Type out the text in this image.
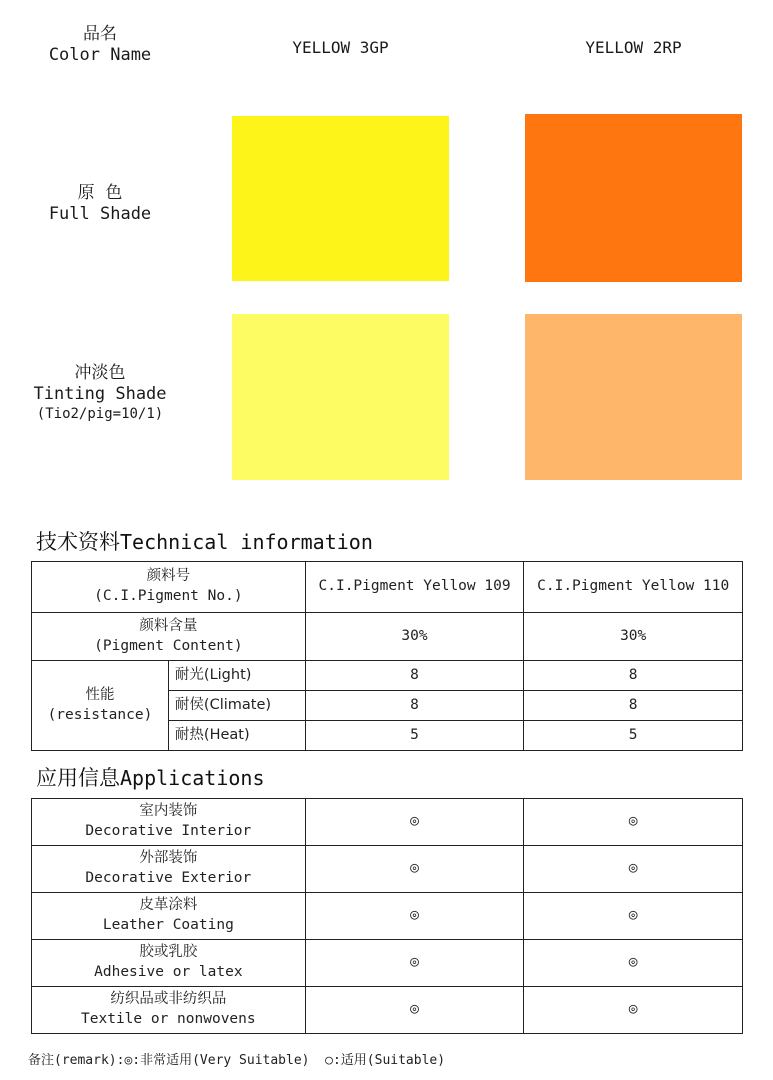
品名
Color Name	YELLOW 3GP	YELLOW 2RP
原  色
Full Shade
冲淡色
Tinting Shade
(Tio2/pig=10/1)
技术资料Technical information
颜料号
(C.I.Pigment No.)		C.I.Pigment Yellow 109	C.I.Pigment Yellow 110

颜料含量
(Pigment Content)		30%	30%

性能
(resistance)	耐光(Light)	8	8
	耐侯(Climate)	8	8
	耐热(Heat)	5	5
应用信息Applications
室内装饰
Decorative Interior	◎	◎

外部装饰
Decorative Exterior	◎	◎

皮革涂料
Leather Coating	◎	◎

胶或乳胶
Adhesive or latex	◎	◎

纺织品或非纺织品
Textile or nonwovens	◎	◎
备注(remark):◎:非常适用(Very Suitable)  ○:适用(Suitable)
